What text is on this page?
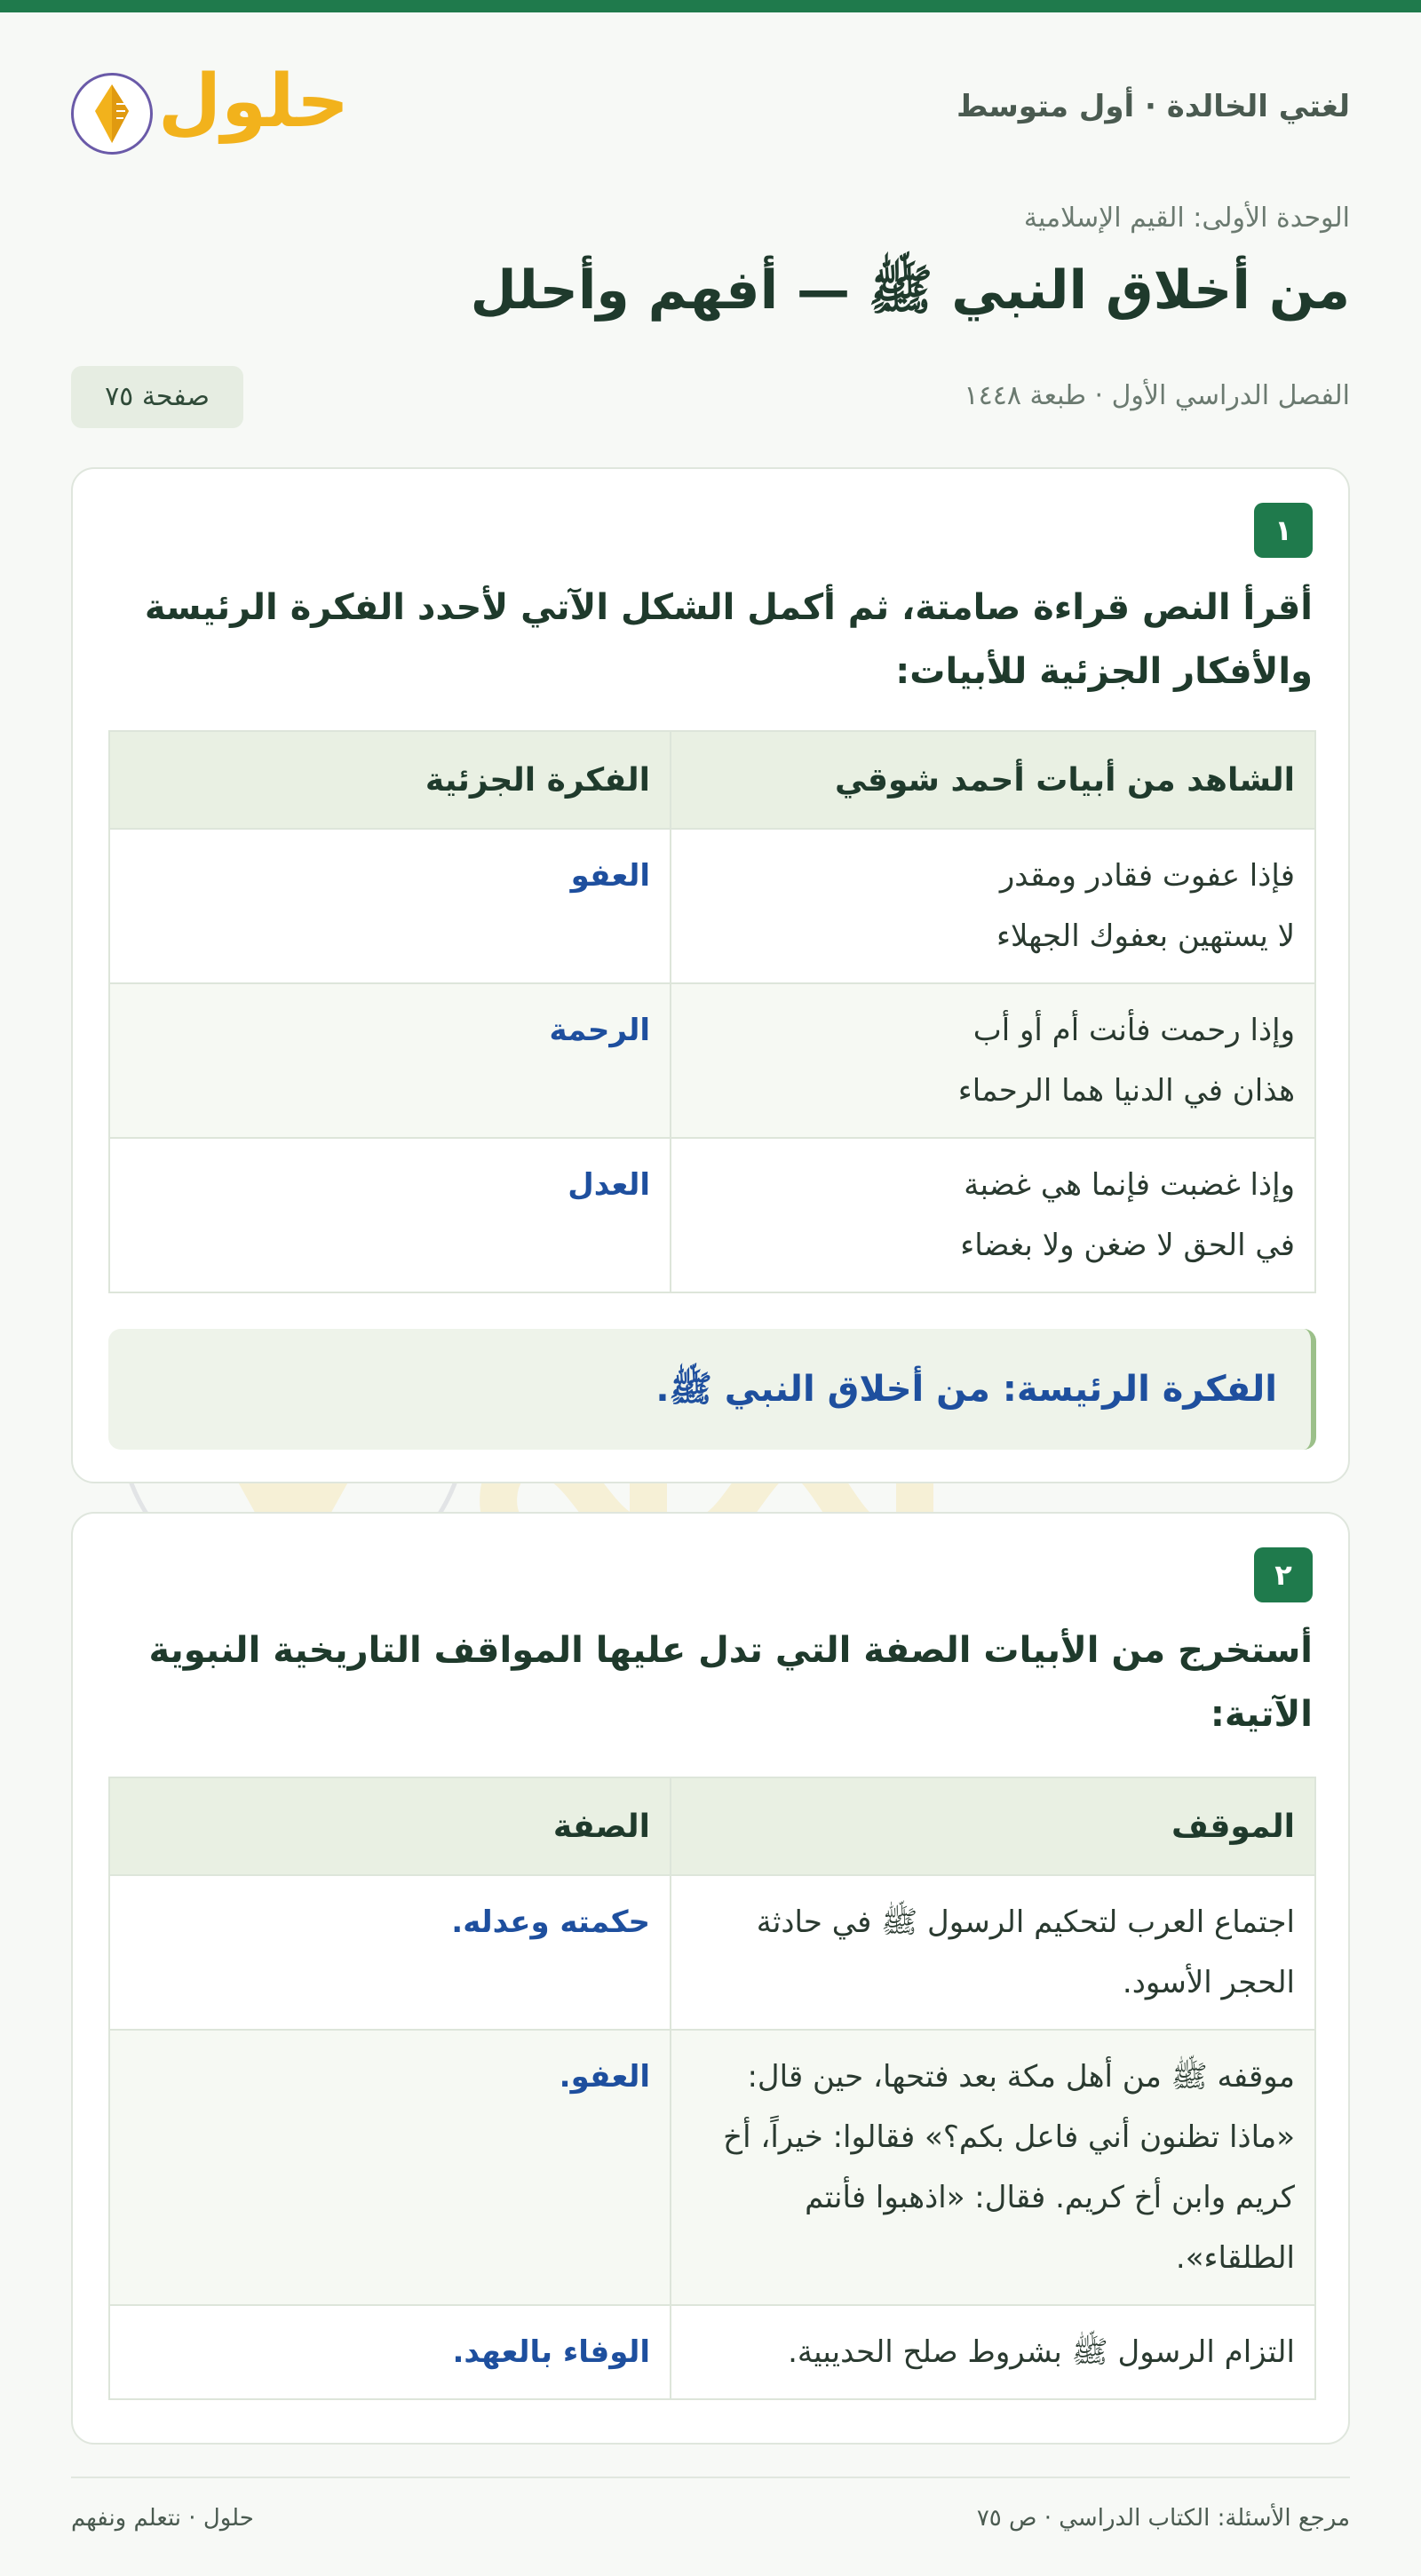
لغتي الخالدة · أول متوسط
حلول
الوحدة الأولى: القيم الإسلامية
من أخلاق النبي ﷺ — أفهم وأحلل
الفصل الدراسي الأول · طبعة ١٤٤٨
صفحة ٧٥
١
أقرأ النص قراءة صامتة، ثم أكمل الشكل الآتي لأحدد الفكرة الرئيسة والأفكار الجزئية للأبيات:
الشاهد من أبيات أحمد شوقي	الفكرة الجزئية

فإذا عفوت فقادر ومقدر
لا يستهين بعفوك الجهلاء	العفو

وإذا رحمت فأنت أم أو أب
هذان في الدنيا هما الرحماء	الرحمة

وإذا غضبت فإنما هي غضبة
في الحق لا ضغن ولا بغضاء	العدل
الفكرة الرئيسة: من أخلاق النبي ﷺ.
٢
أستخرج من الأبيات الصفة التي تدل عليها المواقف التاريخية النبوية الآتية:
الموقف	الصفة
اجتماع العرب لتحكيم الرسول ﷺ في حادثة الحجر الأسود.	حكمته وعدله.
موقفه ﷺ من أهل مكة بعد فتحها، حين قال: «ماذا تظنون أني فاعل بكم؟» فقالوا: خيراً، أخ كريم وابن أخ كريم. فقال: «اذهبوا فأنتم الطلقاء».	العفو.
التزام الرسول ﷺ بشروط صلح الحديبية.	الوفاء بالعهد.
حلول · نتعلم ونفهم	مرجع الأسئلة: الكتاب الدراسي · ص ٧٥
